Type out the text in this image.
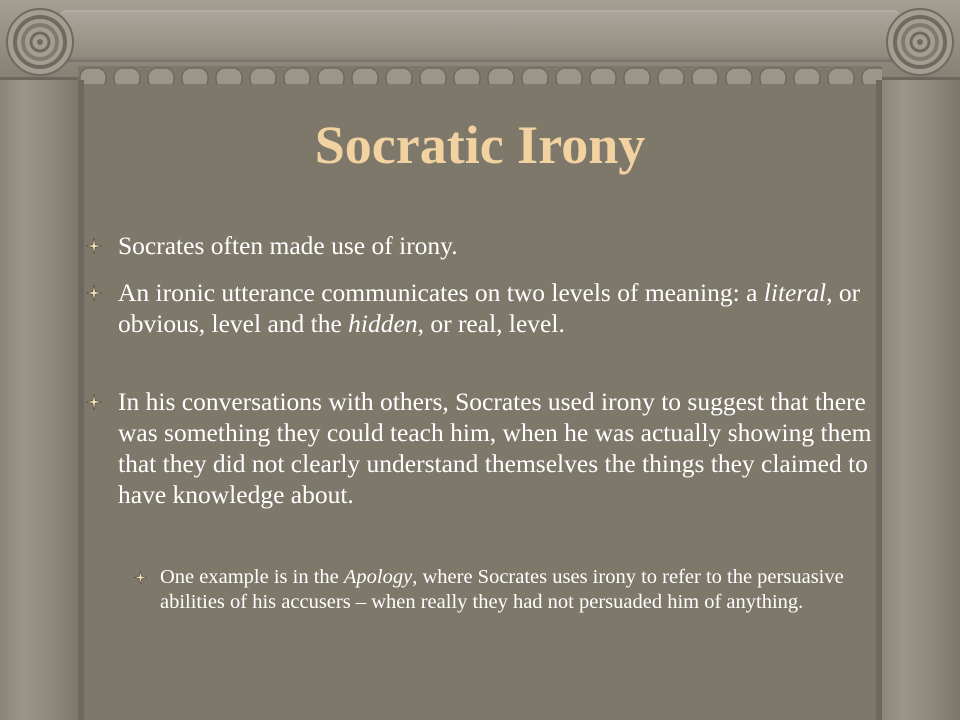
Socratic Irony
Socrates often made use of irony.
An ironic utterance communicates on two levels of meaning: a literal, or obvious, level and the hidden, or real, level.
In his conversations with others, Socrates used irony to suggest that there was something they could teach him, when he was actually showing them that they did not clearly understand themselves the things they claimed to have knowledge about.
One example is in the Apology, where Socrates uses irony to refer to the persuasive abilities of his accusers – when really they had not persuaded him of anything.
